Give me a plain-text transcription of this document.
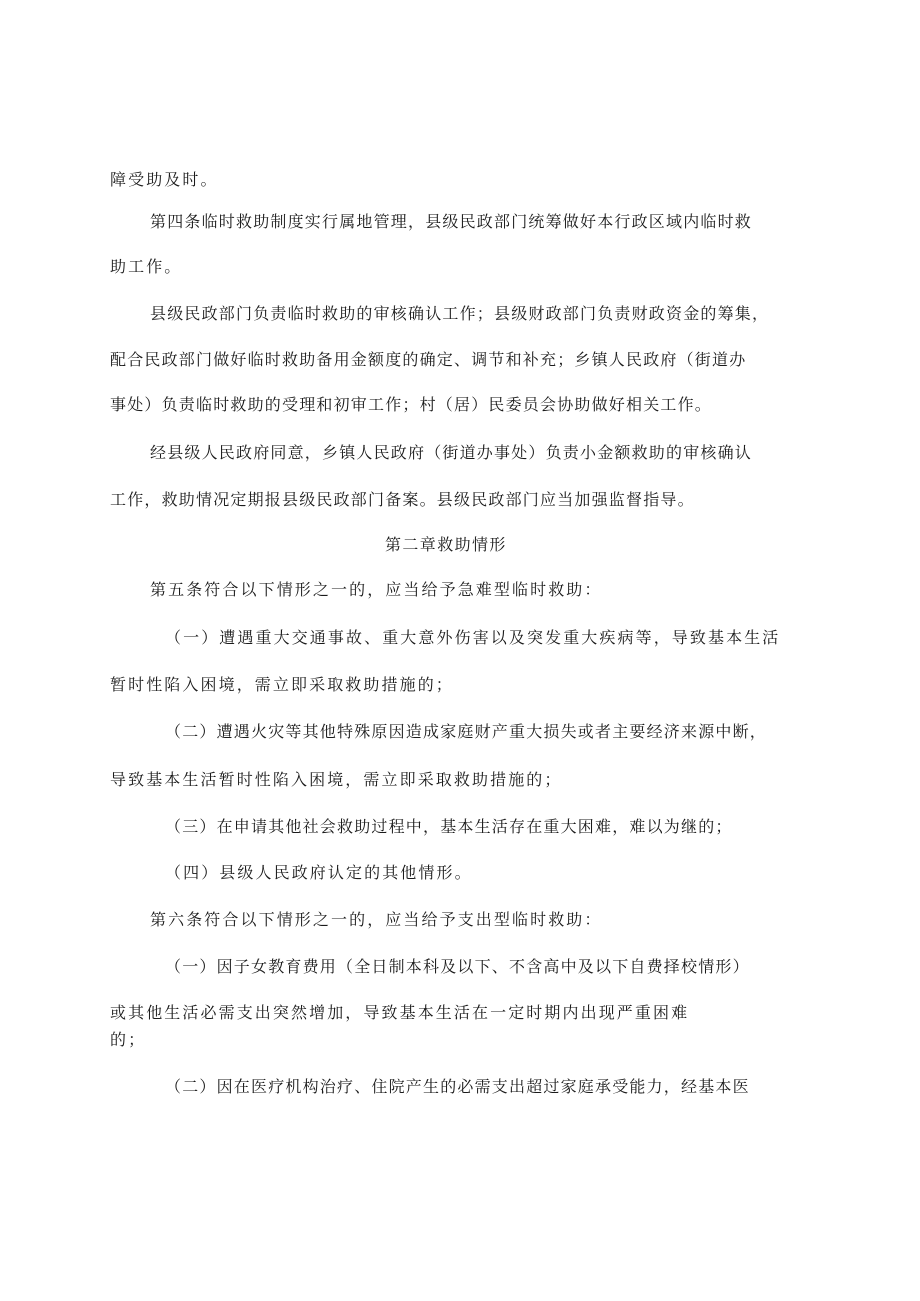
障受助及时。

第四条临时救助制度实行属地管理，县级民政部门统筹做好本行政区域内临时救

助工作。

县级民政部门负责临时救助的审核确认工作；县级财政部门负责财政资金的筹集，

配合民政部门做好临时救助备用金额度的确定、调节和补充；乡镇人民政府（街道办

事处）负责临时救助的受理和初审工作；村（居）民委员会协助做好相关工作。

经县级人民政府同意，乡镇人民政府（街道办事处）负责小金额救助的审核确认

工作，救助情况定期报县级民政部门备案。县级民政部门应当加强监督指导。

第二章救助情形

第五条符合以下情形之一的，应当给予急难型临时救助：

（一）遭遇重大交通事故、重大意外伤害以及突发重大疾病等，导致基本生活

暂时性陷入困境，需立即采取救助措施的；

（二）遭遇火灾等其他特殊原因造成家庭财产重大损失或者主要经济来源中断，

导致基本生活暂时性陷入困境，需立即采取救助措施的；

（三）在申请其他社会救助过程中，基本生活存在重大困难，难以为继的；

（四）县级人民政府认定的其他情形。

第六条符合以下情形之一的，应当给予支出型临时救助：

（一）因子女教育费用（全日制本科及以下、不含高中及以下自费择校情形）

或其他生活必需支出突然增加，导致基本生活在一定时期内出现严重困难

的；

（二）因在医疗机构治疗、住院产生的必需支出超过家庭承受能力，经基本医
